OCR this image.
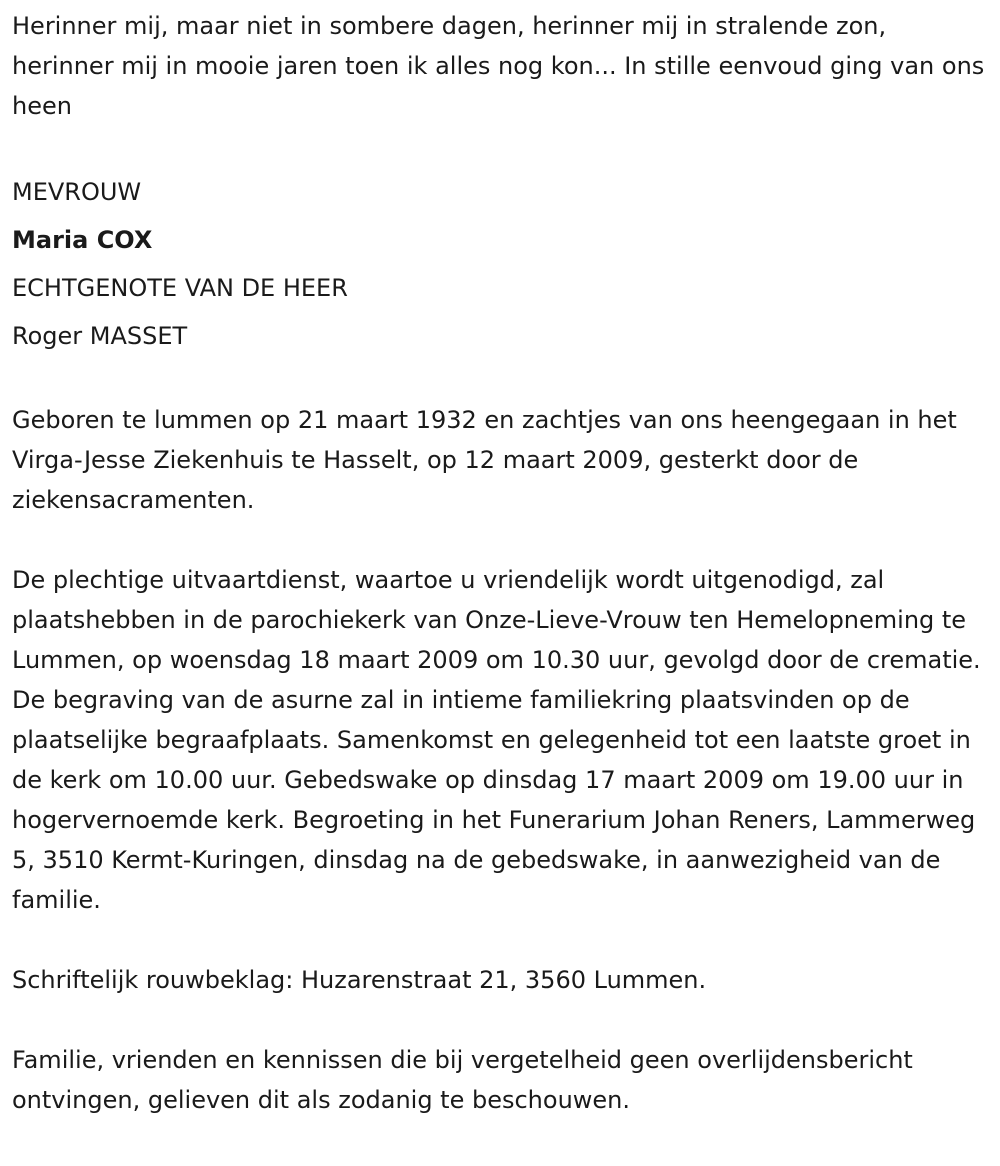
Herinner mij, maar niet in sombere dagen, herinner mij in stralende zon, herinner mij in mooie jaren toen ik alles nog kon... In stille eenvoud ging van ons heen

MEVROUW

Maria COX

ECHTGENOTE VAN DE HEER

Roger MASSET

Geboren te lummen op 21 maart 1932 en zachtjes van ons heengegaan in het Virga-Jesse Ziekenhuis te Hasselt, op 12 maart 2009, gesterkt door de ziekensacramenten.

De plechtige uitvaartdienst, waartoe u vriendelijk wordt uitgenodigd, zal plaatshebben in de parochiekerk van Onze-Lieve-Vrouw ten Hemelopneming te Lummen, op woensdag 18 maart 2009 om 10.30 uur, gevolgd door de crematie. De begraving van de asurne zal in intieme familiekring plaatsvinden op de plaatselijke begraafplaats. Samenkomst en gelegenheid tot een laatste groet in de kerk om 10.00 uur. Gebedswake op dinsdag 17 maart 2009 om 19.00 uur in hogervernoemde kerk. Begroeting in het Funerarium Johan Reners, Lammerweg 5, 3510 Kermt-Kuringen, dinsdag na de gebedswake, in aanwezigheid van de familie.

Schriftelijk rouwbeklag: Huzarenstraat 21, 3560 Lummen.

Familie, vrienden en kennissen die bij vergetelheid geen overlijdensbericht ontvingen, gelieven dit als zodanig te beschouwen.
